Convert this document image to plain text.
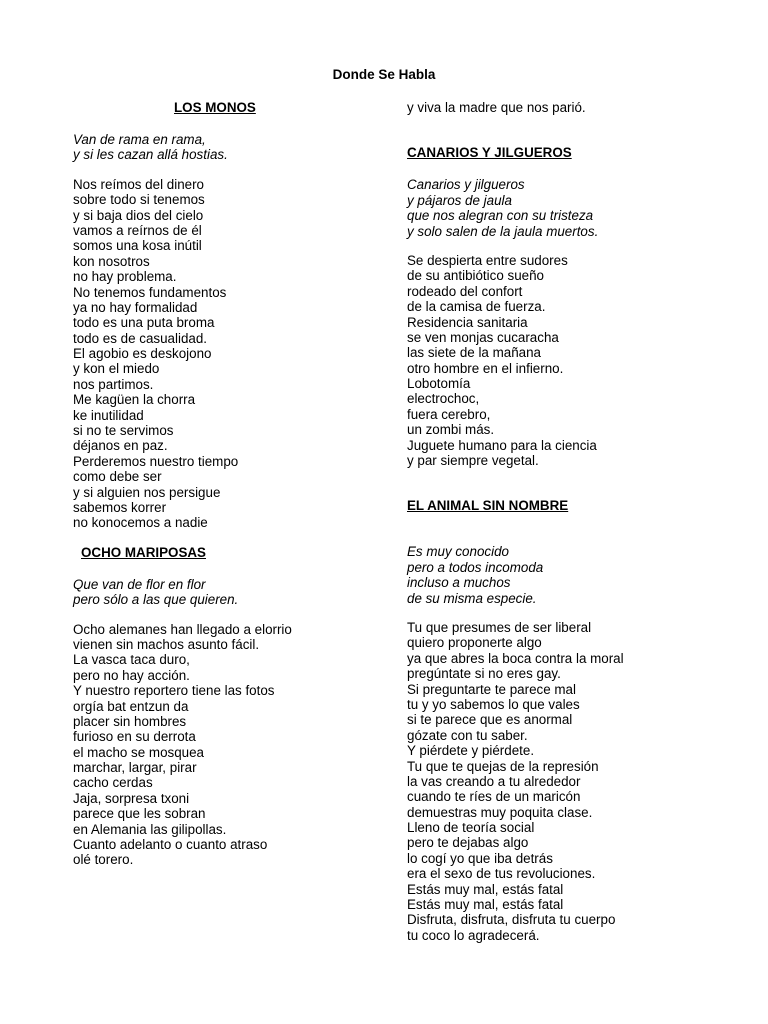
Donde Se Habla
LOS MONOS
Van de rama en rama,
y si les cazan allá hostias.
Nos reímos del dinero
sobre todo si tenemos
y si baja dios del cielo
vamos a reírnos de él
somos una kosa inútil
kon nosotros
no hay problema.
No tenemos fundamentos
ya no hay formalidad
todo es una puta broma
todo es de casualidad.
El agobio es deskojono
y kon el miedo
nos partimos.
Me kagüen la chorra
ke inutilidad
si no te servimos
déjanos en paz.
Perderemos nuestro tiempo
como debe ser
y si alguien nos persigue
sabemos korrer
no konocemos a nadie
OCHO MARIPOSAS
Que van de flor en flor
pero sólo a las que quieren.
Ocho alemanes han llegado a elorrio
vienen sin machos asunto fácil.
La vasca taca duro,
pero no hay acción.
Y nuestro reportero tiene las fotos
orgía bat entzun da
placer sin hombres
furioso en su derrota
el macho se mosquea
marchar, largar, pirar
cacho cerdas
Jaja, sorpresa txoni
parece que les sobran
en Alemania las gilipollas.
Cuanto adelanto o cuanto atraso
olé torero.
y viva la madre que nos parió.
CANARIOS Y JILGUEROS
Canarios y jilgueros
y pájaros de jaula
que nos alegran con su tristeza
y solo salen de la jaula muertos.
Se despierta entre sudores
de su antibiótico sueño
rodeado del confort
de la camisa de fuerza.
Residencia sanitaria
se ven monjas cucaracha
las siete de la mañana
otro hombre en el infierno.
Lobotomía
electrochoc,
fuera cerebro,
un zombi más.
Juguete humano para la ciencia
y par siempre vegetal.
EL ANIMAL SIN NOMBRE
Es muy conocido
pero a todos incomoda
incluso a muchos
de su misma especie.
Tu que presumes de ser liberal
quiero proponerte algo
ya que abres la boca contra la moral
pregúntate si no eres gay.
Si preguntarte te parece mal
tu y yo sabemos lo que vales
si te parece que es anormal
gózate con tu saber.
Y piérdete y piérdete.
Tu que te quejas de la represión
la vas creando a tu alrededor
cuando te ríes de un maricón
demuestras muy poquita clase.
Lleno de teoría social
pero te dejabas algo
lo cogí yo que iba detrás
era el sexo de tus revoluciones.
Estás muy mal, estás fatal
Estás muy mal, estás fatal
Disfruta, disfruta, disfruta tu cuerpo
tu coco lo agradecerá.
